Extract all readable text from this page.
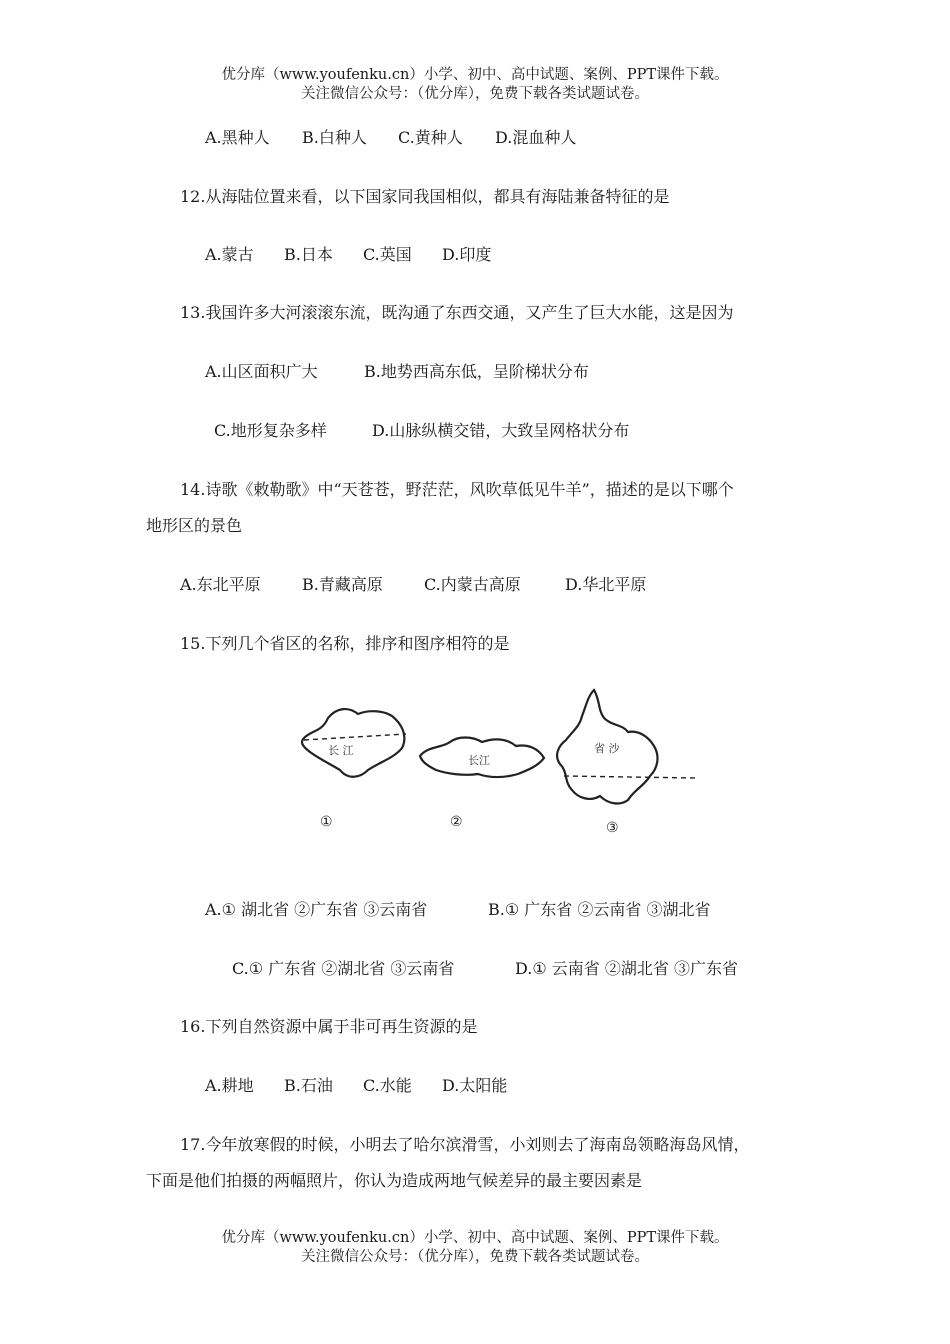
优分库（www.youfenku.cn）小学、初中、高中试题、案例、PPT课件下载。
关注微信公众号：（优分库），免费下载各类试题试卷。
A.黑种人 B.白种人 C.黄种人 D.混血种人
12.从海陆位置来看，以下国家同我国相似，都具有海陆兼备特征的是
A.蒙古 B.日本 C.英国 D.印度
13.我国许多大河滚滚东流，既沟通了东西交通，又产生了巨大水能，这是因为
A.山区面积广大	B.地势西高东低，呈阶梯状分布
C.地形复杂多样	D.山脉纵横交错，大致呈网格状分布
14.诗歌《敕勒歌》中“天苍苍，野茫茫，风吹草低见牛羊”，描述的是以下哪个
地形区的景色
A.东北平原	B.青藏高原	C.内蒙古高原	D.华北平原
15.下列几个省区的名称，排序和图序相符的是
长 江
①
长江
②
省 沙
③
A.① 湖北省 ②广东省 ③云南省	B.① 广东省 ②云南省 ③湖北省
C.① 广东省 ②湖北省 ③云南省	D.① 云南省 ②湖北省 ③广东省
16.下列自然资源中属于非可再生资源的是
A.耕地 B.石油 C.水能 D.太阳能
17.今年放寒假的时候，小明去了哈尔滨滑雪，小刘则去了海南岛领略海岛风情，
下面是他们拍摄的两幅照片，你认为造成两地气候差异的最主要因素是
优分库（www.youfenku.cn）小学、初中、高中试题、案例、PPT课件下载。
关注微信公众号：（优分库），免费下载各类试题试卷。
